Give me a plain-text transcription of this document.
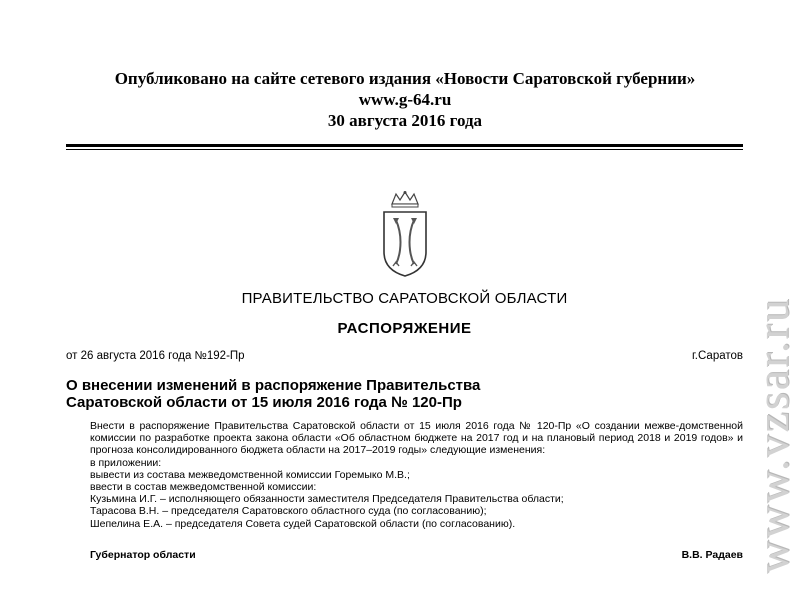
Опубликовано на сайте сетевого издания «Новости Саратовской губернии»
www.g-64.ru
30 августа 2016 года
ПРАВИТЕЛЬСТВО САРАТОВСКОЙ ОБЛАСТИ
РАСПОРЯЖЕНИЕ
от 26 августа 2016 года №192-Пр	г.Саратов
О внесении изменений в распоряжение Правительства
Саратовской области от 15 июля 2016 года № 120-Пр

Внести в распоряжение Правительства Саратовской области от 15 июля 2016 года № 120-Пр «О создании межве-домственной комиссии по разработке проекта закона области «Об областном бюджете на 2017 год и на плановый период 2018 и 2019 годов» и прогноза консолидированного бюджета области на 2017–2019 годы» следующие изменения:

в приложении:

вывести из состава межведомственной комиссии Горемыко М.В.;

ввести в состав межведомственной комиссии:

Кузьмина И.Г. – исполняющего обязанности заместителя Председателя Правительства области;

Тарасова В.Н. – председателя Саратовского областного суда (по согласованию);

Шепелина Е.А. – председателя Совета судей Саратовской области (по согласованию).

Губернатор области	В.В. Радаев www.vzsar.ru
